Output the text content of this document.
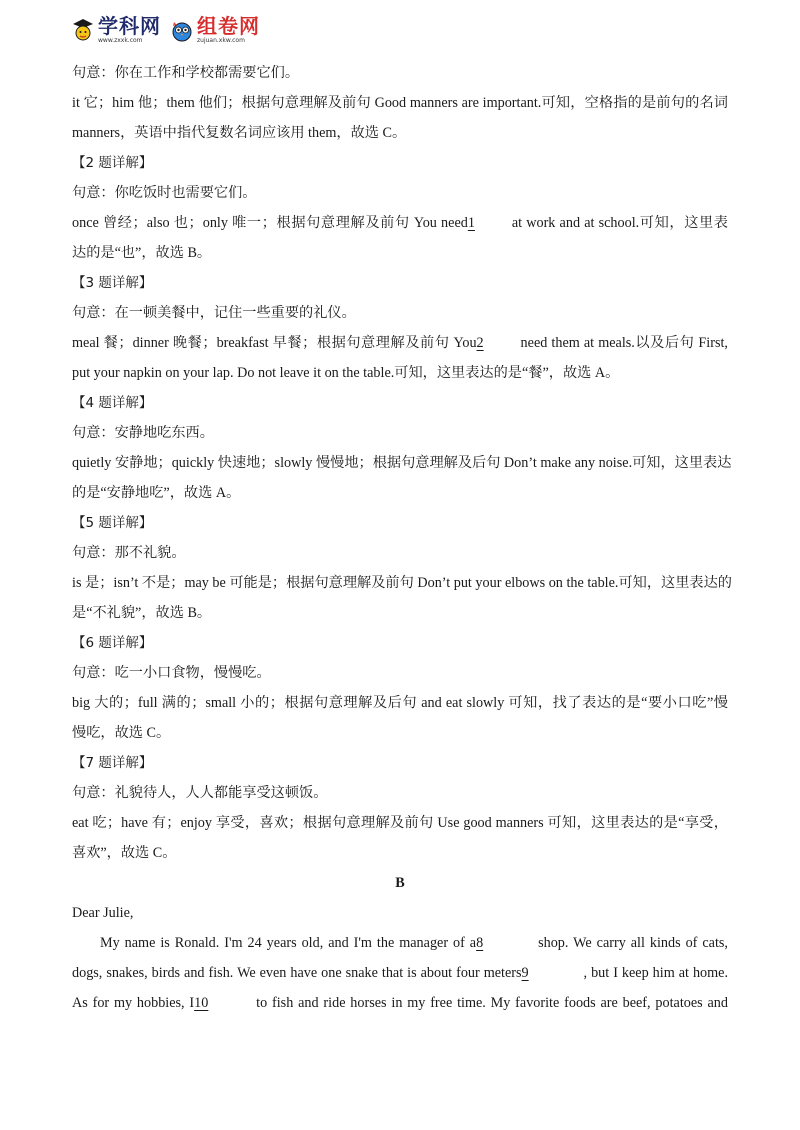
学科网
www.zxxk.com
组卷网
zujuan.xkw.com
句意：你在工作和学校都需要它们。
it 它；him 他；them 他们；根据句意理解及前句 Good manners are important.可知，空格指的是前句的名词
manners，英语中指代复数名词应该用 them，故选 C。
【2 题详解】
句意：你吃饭时也需要它们。
once 曾经；also 也；only 唯一；根据句意理解及前句 You need1	at work and at school.可知，这里表
达的是“也”，故选 B。
【3 题详解】
句意：在一顿美餐中，记住一些重要的礼仪。
meal 餐；dinner 晚餐；breakfast 早餐；根据句意理解及前句 You2	need them at meals.以及后句 First,
put your napkin on your lap. Do not leave it on the table.可知，这里表达的是“餐”，故选 A。
【4 题详解】
句意：安静地吃东西。
quietly 安静地；quickly 快速地；slowly 慢慢地；根据句意理解及后句 Don’t make any noise.可知，这里表达
的是“安静地吃”，故选 A。
【5 题详解】
句意：那不礼貌。
is 是；isn’t 不是；may be 可能是；根据句意理解及前句 Don’t put your elbows on the table.可知，这里表达的
是“不礼貌”，故选 B。
【6 题详解】
句意：吃一小口食物，慢慢吃。
big 大的；full 满的；small 小的；根据句意理解及后句 and eat slowly 可知，找了表达的是“要小口吃”慢
慢吃，故选 C。
【7 题详解】
句意：礼貌待人，人人都能享受这顿饭。
eat 吃；have 有；enjoy 享受，喜欢；根据句意理解及前句 Use good manners 可知，这里表达的是“享受，
喜欢”，故选 C。
B
Dear Julie,
My name is Ronald. I'm 24 years old, and I'm the manager of a8	shop. We carry all kinds of cats,
dogs, snakes, birds and fish. We even have one snake that is about four meters9	, but I keep him at home.
As for my hobbies, I10	to fish and ride horses in my free time. My favorite foods are beef, potatoes and
